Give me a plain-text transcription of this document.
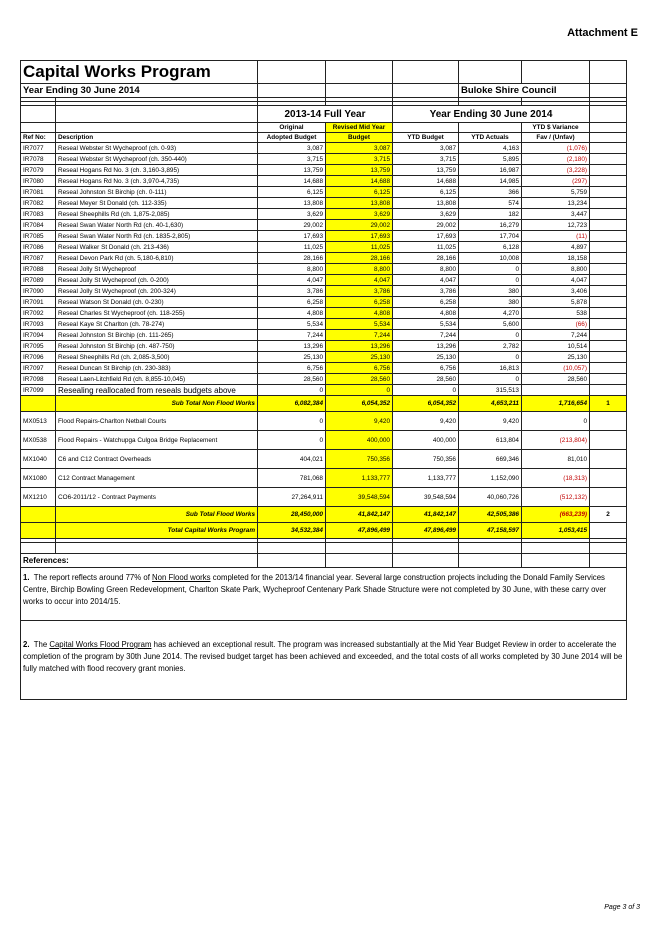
Attachment E
Capital Works Program							
Year Ending 30 June 2014					Buloke Shire Council		

		2013-14 Full Year		Year Ending 30 June 2014			
		Original	Revised Mid Year			YTD $ Variance	
Ref No:	Description	Adopted Budget	Budget	YTD Budget	YTD Actuals	Fav / (Unfav)	
IR7077	Reseal Webster St Wycheproof (ch. 0-93)	3,087	3,087	3,087	4,163	(1,076)	
IR7078	Reseal Webster St Wycheproof (ch. 350-440)	3,715	3,715	3,715	5,895	(2,180)	
IR7079	Reseal Hogans Rd No. 3 (ch. 3,160-3,895)	13,759	13,759	13,759	16,987	(3,228)	
IR7080	Reseal Hogans Rd No. 3 (ch. 3,970-4,735)	14,688	14,688	14,688	14,985	(297)	
IR7081	Reseal Johnston St Birchip (ch. 0-111)	6,125	6,125	6,125	366	5,759	
IR7082	Reseal Meyer St Donald (ch. 112-335)	13,808	13,808	13,808	574	13,234	
IR7083	Reseal Sheephills Rd (ch. 1,875-2,085)	3,629	3,629	3,629	182	3,447	
IR7084	Reseal Swan Water North Rd (ch. 40-1,630)	29,002	29,002	29,002	16,279	12,723	
IR7085	Reseal Swan Water North Rd (ch. 1835-2,805)	17,693	17,693	17,693	17,704	(11)	
IR7086	Reseal Walker St Donald (ch. 213-436)	11,025	11,025	11,025	6,128	4,897	
IR7087	Reseal Devon Park Rd (ch. 5,180-6,810)	28,166	28,166	28,166	10,008	18,158	
IR7088	Reseal Jolly St Wycheproof	8,800	8,800	8,800	0	8,800	
IR7089	Reseal Jolly St Wycheproof (ch. 0-200)	4,047	4,047	4,047	0	4,047	
IR7090	Reseal Jolly St Wycheproof (ch. 200-324)	3,786	3,786	3,786	380	3,406	
IR7091	Reseal Watson St Donald (ch. 0-230)	6,258	6,258	6,258	380	5,878	
IR7092	Reseal Charles St Wycheproof (ch. 118-255)	4,808	4,808	4,808	4,270	538	
IR7093	Reseal Kaye St Charlton (ch. 78-274)	5,534	5,534	5,534	5,600	(66)	
IR7094	Reseal Johnston St Birchip (ch. 111-265)	7,244	7,244	7,244	0	7,244	
IR7095	Reseal Johnston St Birchip (ch. 487-750)	13,296	13,296	13,296	2,782	10,514	
IR7096	Reseal Sheephills Rd (ch. 2,085-3,500)	25,130	25,130	25,130	0	25,130	
IR7097	Reseal Duncan St Birchip (ch. 230-383)	6,756	6,756	6,756	16,813	(10,057)	
IR7098	Reseal Laen-Litchfield Rd (ch. 8,855-10,045)	28,560	28,560	28,560	0	28,560	
IR7099	Resealing reallocated from reseals budgets above	0	0	0	315,513		
	Sub Total Non Flood Works	6,082,384	6,054,352	6,054,352	4,653,211	1,716,654	1
MX0513	Flood Repairs-Charlton Netball Courts	0	9,420	9,420	9,420	0	
MX0538	Flood Repairs - Watchupga Culgoa Bridge Replacement	0	400,000	400,000	613,804	(213,804)	
MX1040	C6 and C12 Contract Overheads	404,021	750,356	750,356	669,346	81,010	
MX1080	C12 Contract Management	781,068	1,133,777	1,133,777	1,152,090	(18,313)	
MX1210	CO6-2011/12 - Contract Payments	27,264,911	39,548,594	39,548,594	40,060,726	(512,132)	
	Sub Total Flood Works	28,450,000	41,842,147	41,842,147	42,505,386	(663,239)	2
	Total Capital Works Program	34,532,384	47,896,499	47,896,499	47,158,597	1,053,415	

References:							
1. The report reflects around 77% of Non Flood works completed for the 2013/14 financial year. Several large construction projects including the Donald Family Services Centre, Birchip Bowling Green Redevelopment, Charlton Skate Park, Wycheproof Centenary Park Shade Structure were not completed by 30 June, with these carry over works to occur into 2014/15.							
2. The Capital Works Flood Program has achieved an exceptional result. The program was increased substantially at the Mid Year Budget Review in order to accelerate the completion of the program by 30th June 2014. The revised budget target has been achieved and exceeded, and the total costs of all works completed by 30 June 2014 will be fully matched with flood recovery grant monies.							
Page 3 of 3
